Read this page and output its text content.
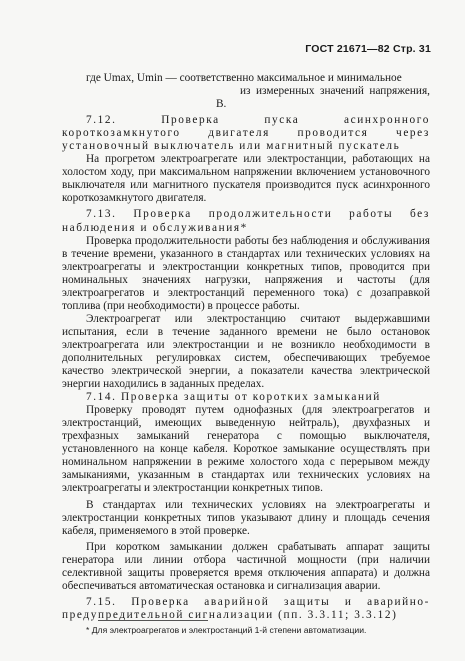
ГОСТ 21671—82 Стр. 31

где Umax, Umin — соответственно максимальное и минимальное
из измеренных значений напряжения, В.

7.12. Проверка пуска асинхронного короткозамкнутого двигателя проводится через установочный выключатель или магнитный пускатель

На прогретом электроагрегате или электростанции, работающих на холостом ходу, при максимальном напряжении включением установочного выключателя или магнитного пускателя производится пуск асинхронного короткозамкнутого двигателя.

7.13. Проверка продолжительности работы без наблюдения и обслуживания*

Проверка продолжительности работы без наблюдения и обслуживания в течение времени, указанного в стандартах или технических условиях на электроагрегаты и электростанции конкретных типов, проводится при номинальных значениях нагрузки, напряжения и частоты (для электроагрегатов и электростанций переменного тока) с дозаправкой топлива (при необходимости) в процессе работы.

Электроагрегат или электростанцию считают выдержавшими испытания, если в течение заданного времени не было остановок электроагрегата или электростанции и не возникло необходимости в дополнительных регулировках систем, обеспечивающих требуемое качество электрической энергии, а показатели качества электрической энергии находились в заданных пределах.

7.14. Проверка защиты от коротких замыканий

Проверку проводят путем однофазных (для электроагрегатов и электростанций, имеющих выведенную нейтраль), двухфазных и трехфазных замыканий генератора с помощью выключателя, установленного на конце кабеля. Короткое замыкание осуществлять при номинальном напряжении в режиме холостого хода с перерывом между замыканиями, указанным в стандартах или технических условиях на электроагрегаты и электростанции конкретных типов.

В стандартах или технических условиях на электроагрегаты и электростанции конкретных типов указывают длину и площадь сечения кабеля, применяемого в этой проверке.

При коротком замыкании должен срабатывать аппарат защиты генератора или линии отбора частичной мощности (при наличии селективной защиты проверяется время отключения аппарата) и должна обеспечиваться автоматическая остановка и сигнализация аварии.

7.15. Проверка аварийной защиты и аварийно-предупредительной сигнализации (пп. 3.3.11; 3.3.12)

* Для электроагрегатов и электростанций 1-й степени автоматизации.
